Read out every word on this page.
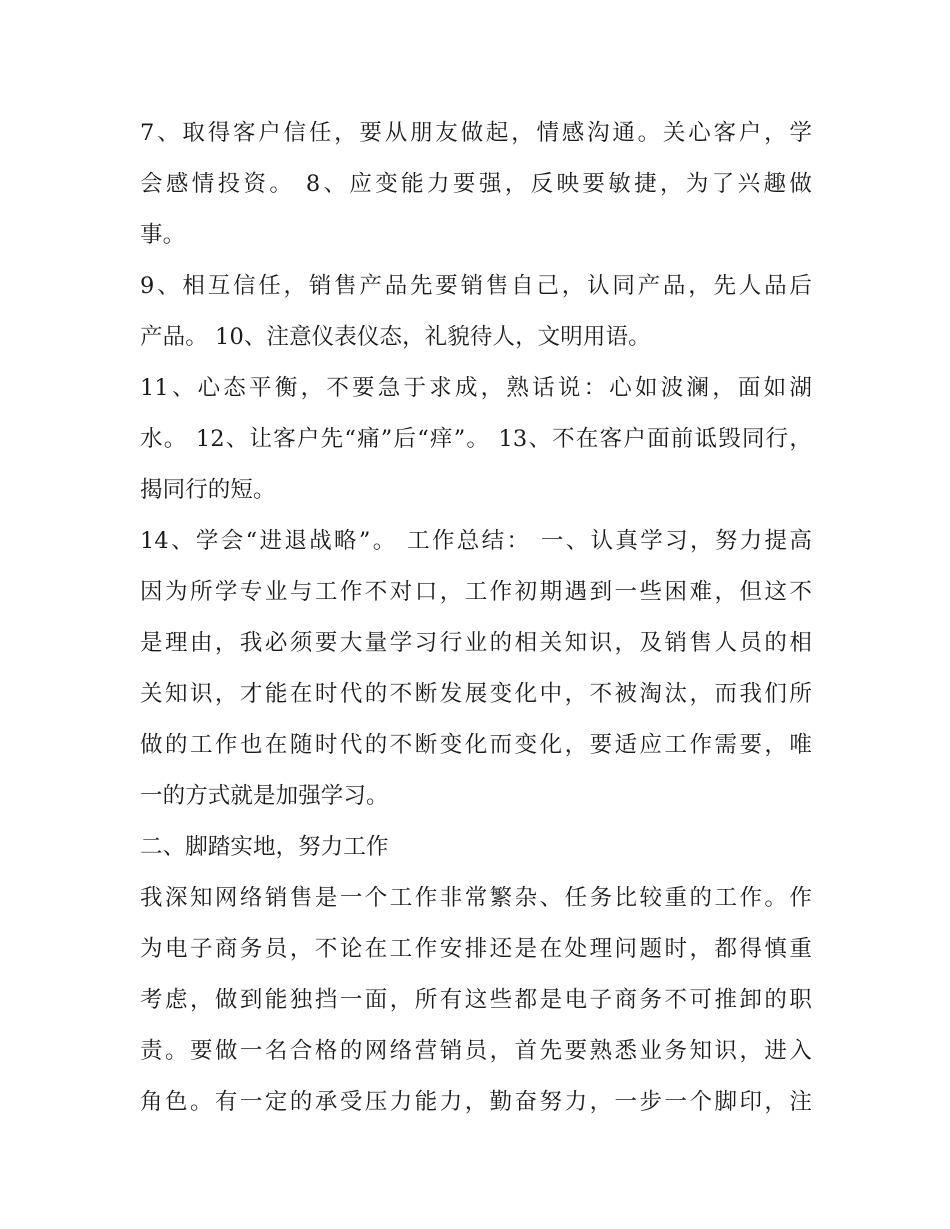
7、取得客户信任，要从朋友做起，情感沟通。关心客户，学
会感情投资。 8、应变能力要强，反映要敏捷，为了兴趣做
事。
9、相互信任，销售产品先要销售自己，认同产品，先人品后
产品。 10、注意仪表仪态，礼貌待人，文明用语。
11、心态平衡，不要急于求成，熟话说：心如波澜，面如湖
水。 12、让客户先“痛”后“痒”。 13、不在客户面前诋毁同行，
揭同行的短。
14、学会“进退战略”。 工作总结： 一、认真学习，努力提高
因为所学专业与工作不对口，工作初期遇到一些困难，但这不
是理由，我必须要大量学习行业的相关知识，及销售人员的相
关知识，才能在时代的不断发展变化中，不被淘汰，而我们所
做的工作也在随时代的不断变化而变化，要适应工作需要，唯
一的方式就是加强学习。
二、脚踏实地，努力工作
我深知网络销售是一个工作非常繁杂、任务比较重的工作。作
为电子商务员，不论在工作安排还是在处理问题时，都得慎重
考虑，做到能独挡一面，所有这些都是电子商务不可推卸的职
责。要做一名合格的网络营销员，首先要熟悉业务知识，进入
角色。有一定的承受压力能力，勤奋努力，一步一个脚印，注
